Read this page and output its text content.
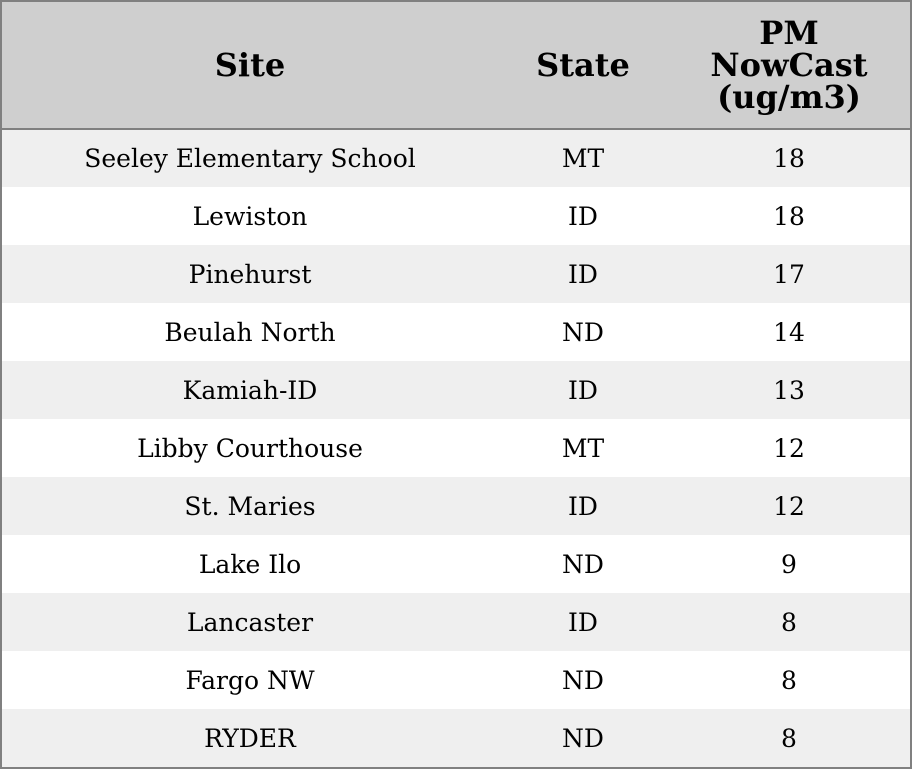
Site	State	PM
NowCast
(ug/m3)
Seeley Elementary School	MT	18
Lewiston	ID	18
Pinehurst	ID	17
Beulah North	ND	14
Kamiah-ID	ID	13
Libby Courthouse	MT	12
St. Maries	ID	12
Lake Ilo	ND	9
Lancaster	ID	8
Fargo NW	ND	8
RYDER	ND	8
